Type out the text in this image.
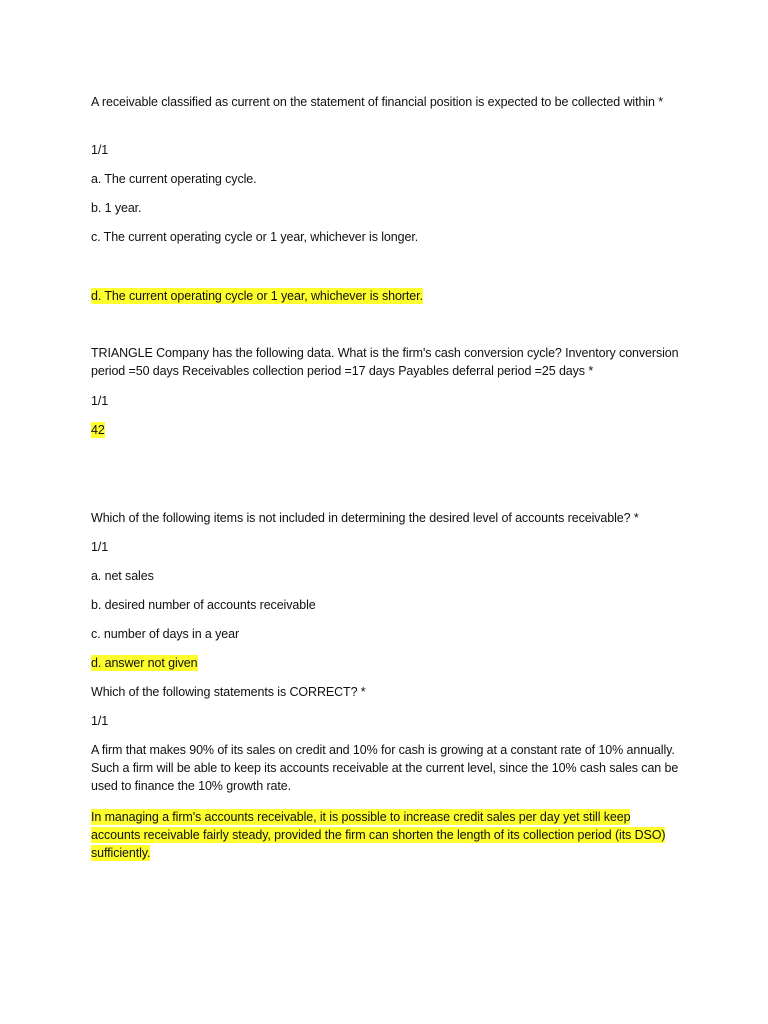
A receivable classified as current on the statement of financial position is expected to be collected within *
1/1
a. The current operating cycle.
b. 1 year.
c. The current operating cycle or 1 year, whichever is longer.
d. The current operating cycle or 1 year, whichever is shorter.
TRIANGLE Company has the following data. What is the firm's cash conversion cycle? Inventory conversion period =50 days Receivables collection period =17 days Payables deferral period =25 days *
1/1
42
Which of the following items is not included in determining the desired level of accounts receivable? *
1/1
a. net sales
b. desired number of accounts receivable
c. number of days in a year
d. answer not given
Which of the following statements is CORRECT? *
1/1
A firm that makes 90% of its sales on credit and 10% for cash is growing at a constant rate of 10% annually. Such a firm will be able to keep its accounts receivable at the current level, since the 10% cash sales can be used to finance the 10% growth rate.
In managing a firm's accounts receivable, it is possible to increase credit sales per day yet still keep accounts receivable fairly steady, provided the firm can shorten the length of its collection period (its DSO) sufficiently.
